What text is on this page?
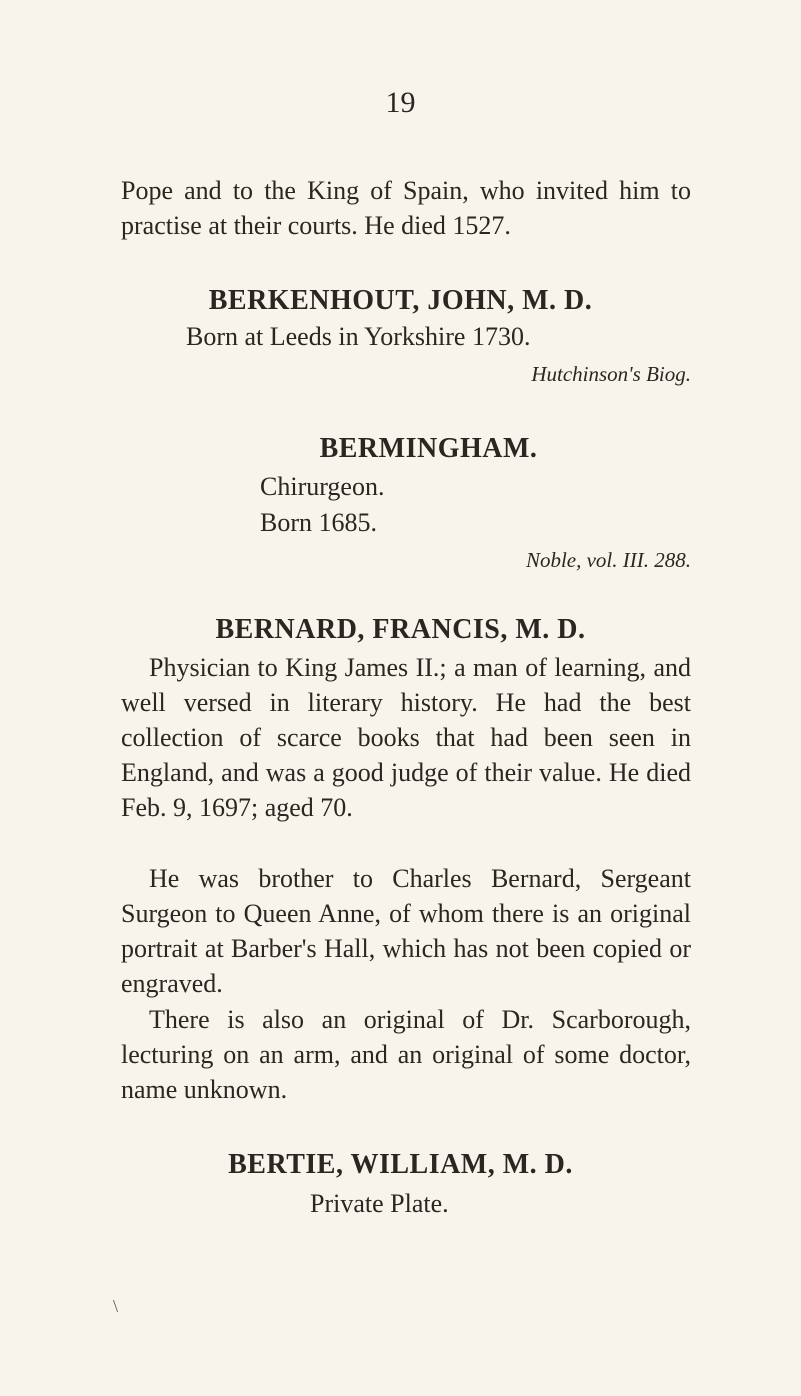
19

Pope and to the King of Spain, who invited him to practise at their courts. He died 1527.

BERKENHOUT, JOHN, M. D.

Born at Leeds in Yorkshire 1730.

Hutchinson's Biog.

BERMINGHAM.

Chirurgeon.

Born 1685.

Noble, vol. III. 288.

BERNARD, FRANCIS, M. D.

Physician to King James II.; a man of learning, and well versed in literary history. He had the best collection of scarce books that had been seen in England, and was a good judge of their value. He died Feb. 9, 1697; aged 70.

He was brother to Charles Bernard, Sergeant Surgeon to Queen Anne, of whom there is an original portrait at Barber's Hall, which has not been copied or engraved.

There is also an original of Dr. Scarborough, lecturing on an arm, and an original of some doctor, name unknown.

BERTIE, WILLIAM, M. D.

Private Plate.

\
